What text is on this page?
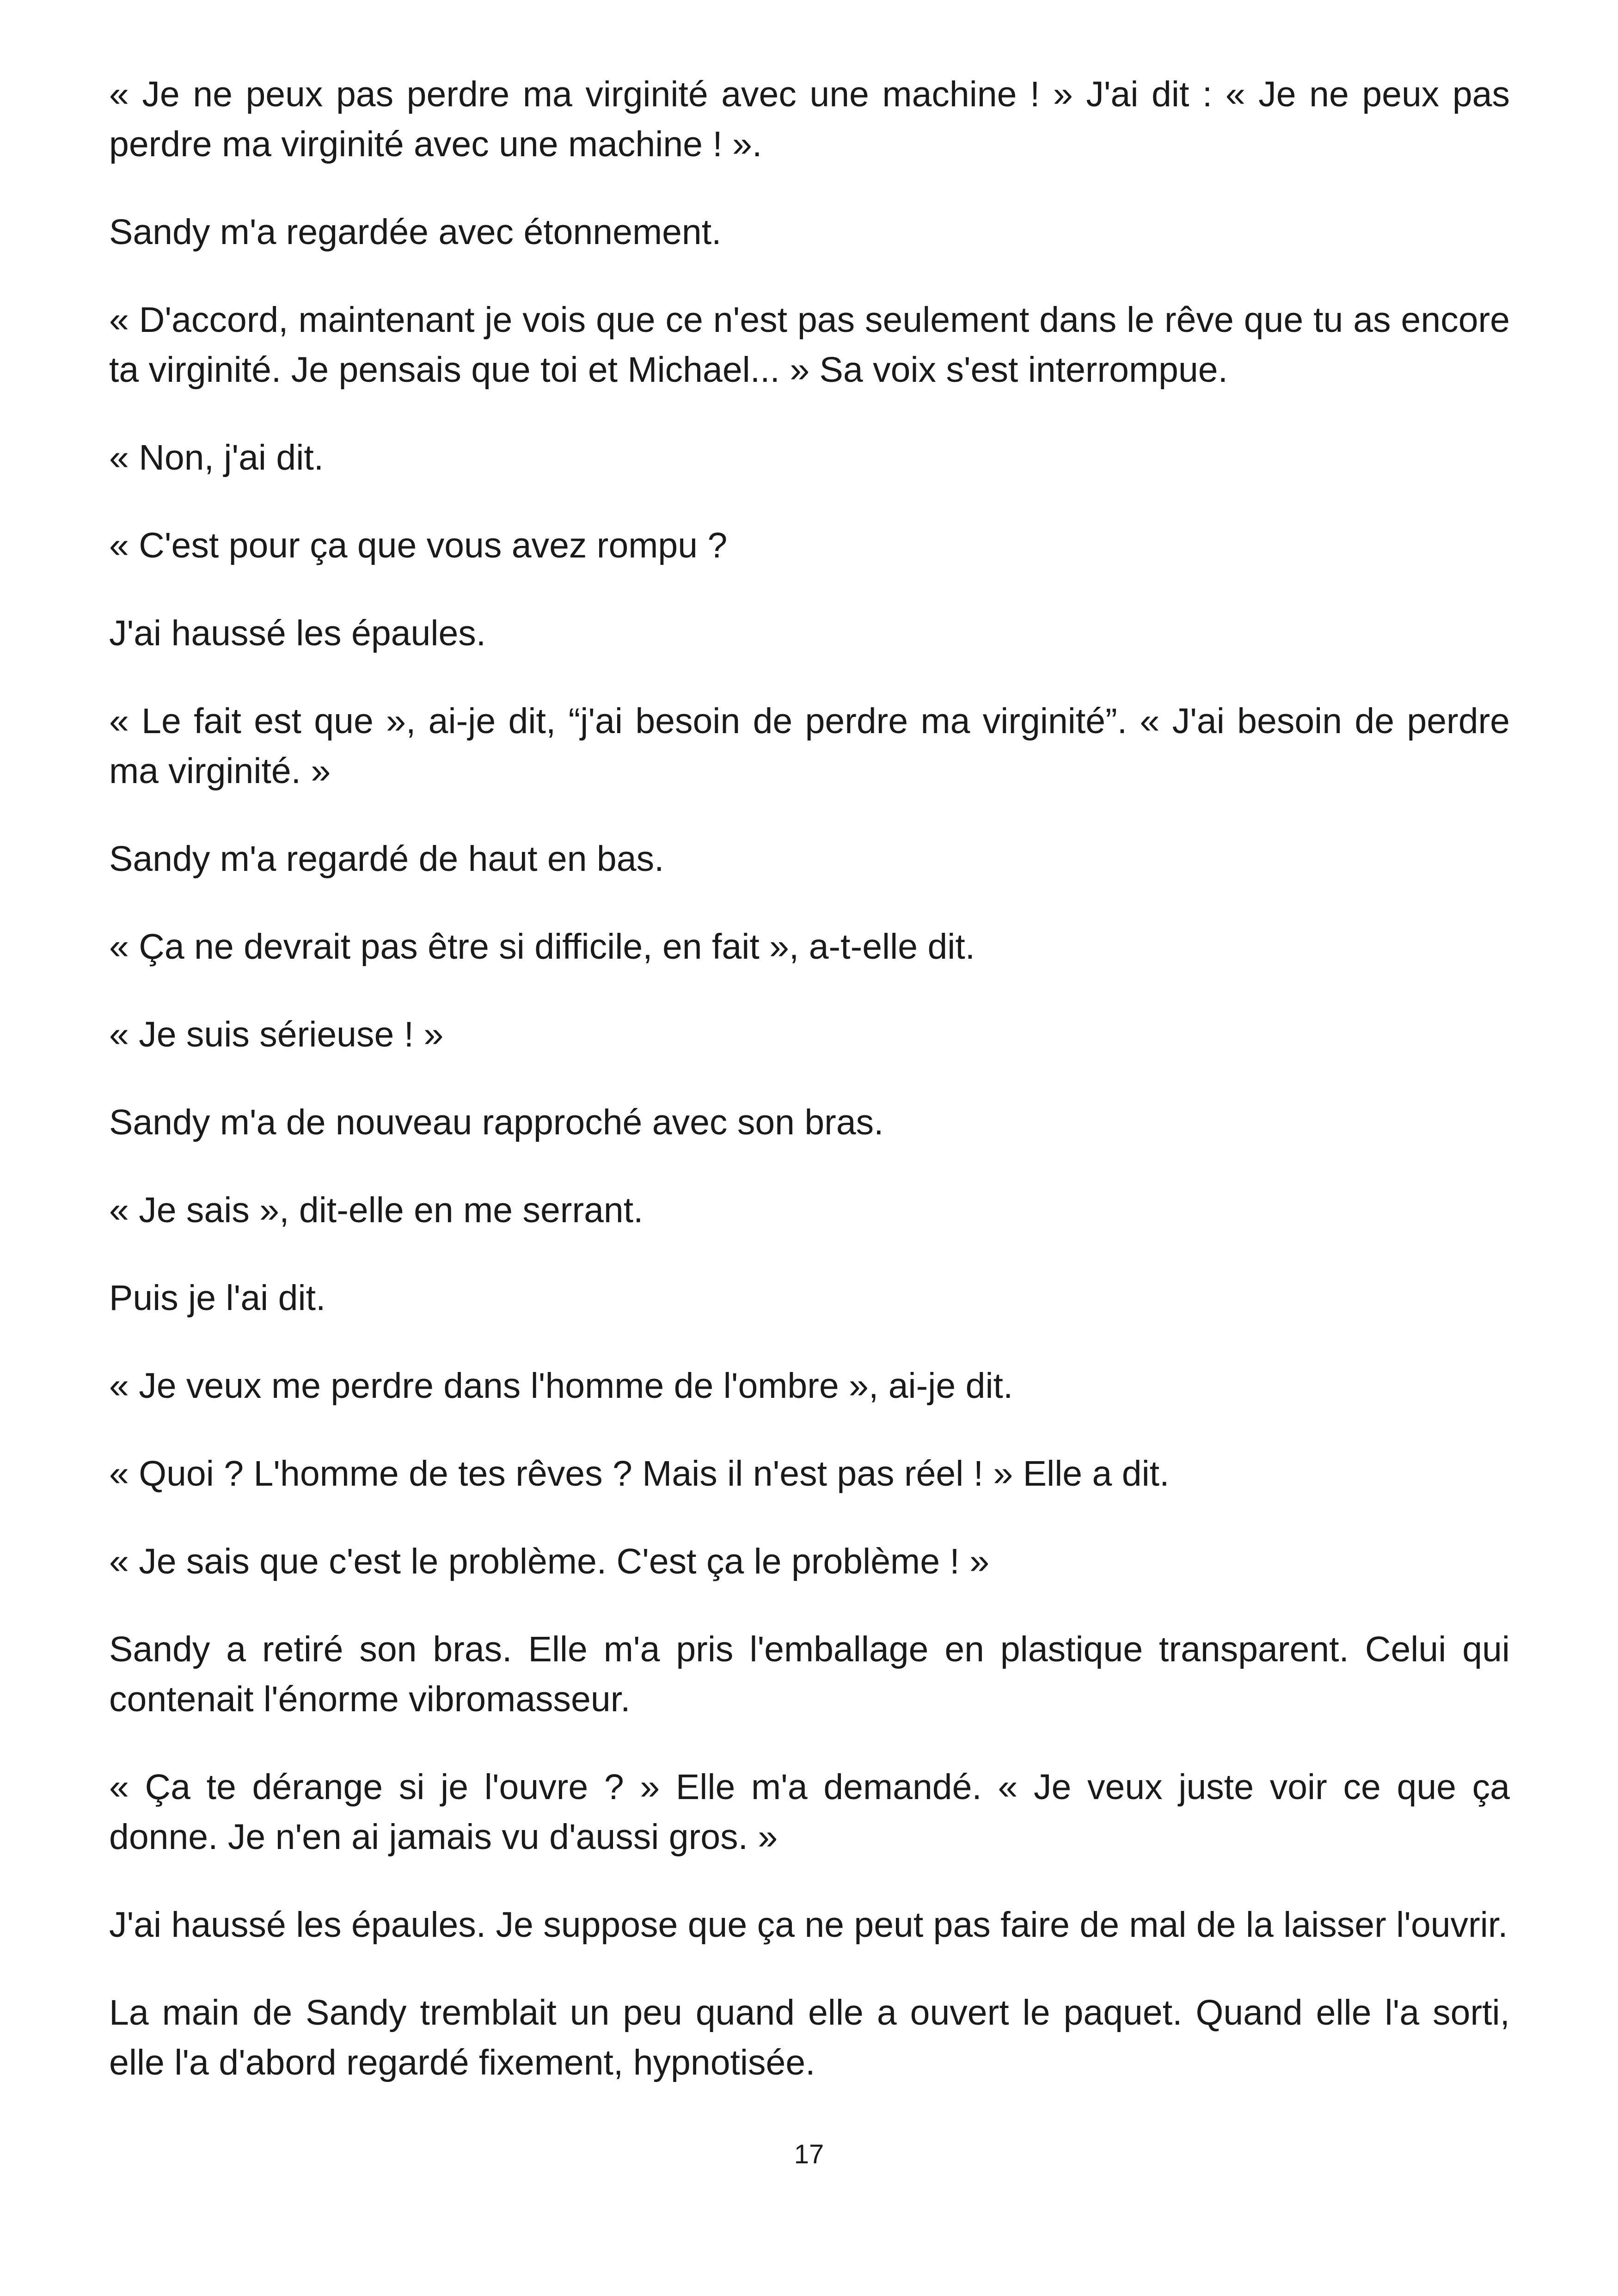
« Je ne peux pas perdre ma virginité avec une machine ! » J'ai dit : « Je ne peux pas perdre ma virginité avec une machine ! ».

Sandy m'a regardée avec étonnement.

« D'accord, maintenant je vois que ce n'est pas seulement dans le rêve que tu as encore ta virginité. Je pensais que toi et Michael... » Sa voix s'est interrompue.

« Non, j'ai dit.

« C'est pour ça que vous avez rompu ?

J'ai haussé les épaules.

« Le fait est que », ai-je dit, “j'ai besoin de perdre ma virginité”. « J'ai besoin de perdre ma virginité. »

Sandy m'a regardé de haut en bas.

« Ça ne devrait pas être si difficile, en fait », a-t-elle dit.

« Je suis sérieuse ! »

Sandy m'a de nouveau rapproché avec son bras.

« Je sais », dit-elle en me serrant.

Puis je l'ai dit.

« Je veux me perdre dans l'homme de l'ombre », ai-je dit.

« Quoi ? L'homme de tes rêves ? Mais il n'est pas réel ! » Elle a dit.

« Je sais que c'est le problème. C'est ça le problème ! »

Sandy a retiré son bras. Elle m'a pris l'emballage en plastique transparent. Celui qui contenait l'énorme vibromasseur.

« Ça te dérange si je l'ouvre ? » Elle m'a demandé. « Je veux juste voir ce que ça donne. Je n'en ai jamais vu d'aussi gros. »

J'ai haussé les épaules. Je suppose que ça ne peut pas faire de mal de la laisser l'ouvrir.

La main de Sandy tremblait un peu quand elle a ouvert le paquet. Quand elle l'a sorti, elle l'a d'abord regardé fixement, hypnotisée.

17
